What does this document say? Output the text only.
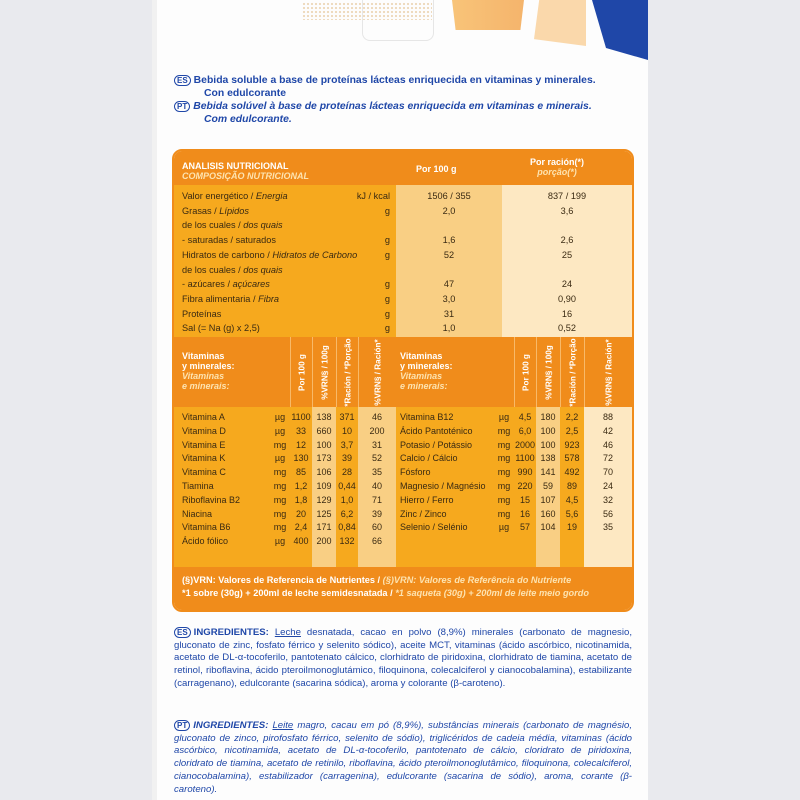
ES Bebida soluble a base de proteínas lácteas enriquecida en vitaminas y minerales.
Con edulcorante
PT Bebida solúvel à base de proteínas lácteas enriquecida em vitaminas e minerais.
Com edulcorante.
ANALISIS NUTRICIONAL
COMPOSIÇÃO NUTRICIONAL
Por 100 g
Por ración(*)
porção(*)
Valor energético / Energia	kJ / kcal	1506 / 355	837 / 199
Grasas / Lípidos	g	2,0	3,6
de los cuales / dos quais
- saturadas / saturados	g	1,6	2,6
Hidratos de carbono / Hidratos de Carbono	g	52	25
de los cuales / dos quais
- azúcares / açúcares	g	47	24
Fibra alimentaria / Fibra	g	3,0	0,90
Proteínas	g	31	16
Sal (= Na (g) x 2,5)	g	1,0	0,52
Vitaminas
y minerales:
Vitaminas
e minerais:
Vitaminas
y minerales:
Vitaminas
e minerais:
Por 100 g %VRN§ / 100g *Ración / *Porção	%VRN§ / Ración*	Por 100 g %VRN§ / 100g *Ración / *Porção	%VRN§ / Ración*
Vitamina A	µg 1100 138 371	46
Vitamina D	µg	33	660	10	200
Vitamina E	mg	12	100	3,7	31
Vitamina K	µg 130 173	39	52
Vitamina C	mg	85	106	28	35
Tiamina	mg 1,2	109 0,44	40
Riboflavina B2	mg 1,8	129	1,0	71
Niacina	mg	20	125	6,2	39
Vitamina B6	mg 2,4	171 0,84	60
Ácido fólico	µg 400 200 132	66
Vitamina B12	µg	4,5	180	2,2	88
Ácido Pantoténico	mg 6,0	100	2,5	42
Potasio / Potássio	mg 2000 100 923	46
Calcio / Cálcio	mg 1100 138 578	72
Fósforo	mg 990 141 492	70
Magnesio / Magnésio	mg 220	59	89	24
Hierro / Ferro	mg	15	107	4,5	32
Zinc / Zinco	mg	16	160	5,6	56
Selenio / Selénio	µg	57	104	19	35
(§)VRN: Valores de Referencia de Nutrientes / (§)VRN: Valores de Referência do Nutriente
*1 sobre (30g) + 200ml de leche semidesnatada / *1 saqueta (30g) + 200ml de leite meio gordo
ES INGREDIENTES: Leche desnatada, cacao en polvo (8,9%) minerales (carbonato de magnesio, gluconato de zinc, fosfato férrico y selenito sódico), aceite MCT, vitaminas (ácido ascórbico, nicotinamida, acetato de DL-α-tocoferilo, pantotenato cálcico, clorhidrato de piridoxina, clorhidrato de tiamina, acetato de retinol, riboflavina, ácido pteroilmonoglutámico, filoquinona, colecalciferol y cianocobalamina), estabilizante (carragenano), edulcorante (sacarina sódica), aroma y colorante (β-caroteno).
PT INGREDIENTES: Leite magro, cacau em pó (8,9%), substâncias minerais (carbonato de magnésio, gluconato de zinco, pirofosfato férrico, selenito de sódio), triglicéridos de cadeia média, vitaminas (ácido ascórbico, nicotinamida, acetato de DL-α-tocoferilo, pantotenato de cálcio, cloridrato de piridoxina, cloridrato de tiamina, acetato de retinilo, riboflavina, ácido pteroilmonoglutâmico, filoquinona, colecalciferol, cianocobalamina), estabilizador (carragenina), edulcorante (sacarina de sódio), aroma, corante (β-caroteno).
